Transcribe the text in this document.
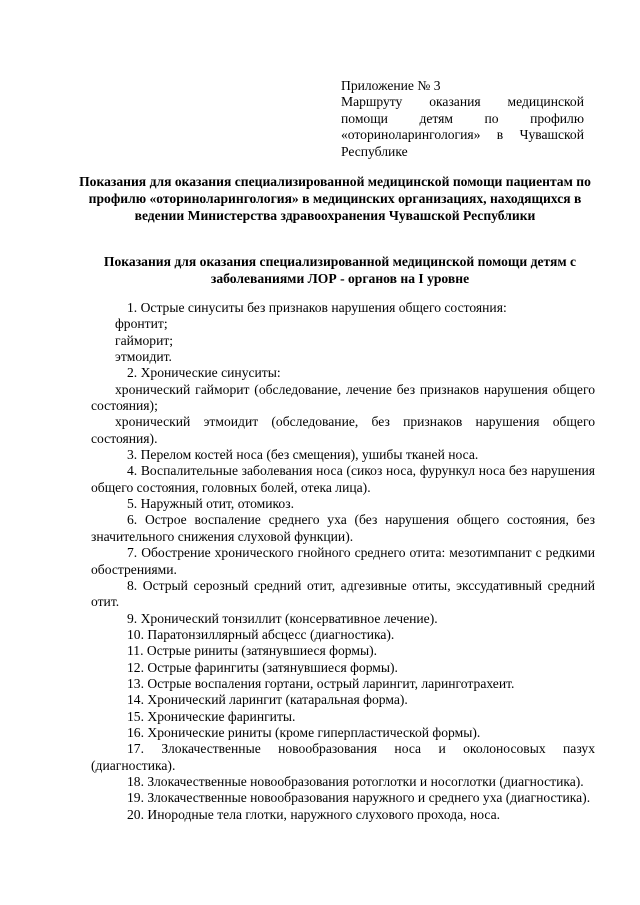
Приложение № 3
Маршруту оказания медицинской помощи детям по профилю «оториноларингология» в Чувашской Республике
Показания для оказания специализированной медицинской помощи пациентам по профилю «оториноларингология» в медицинских организациях, находящихся в ведении Министерства здравоохранения Чувашской Республики
Показания для оказания специализированной медицинской помощи детям с заболеваниями ЛОР - органов на I уровне

1. Острые синуситы без признаков нарушения общего состояния:

фронтит;

гайморит;

этмоидит.

2. Хронические синуситы:

хронический гайморит (обследование, лечение без признаков нарушения общего состояния);

хронический этмоидит (обследование, без признаков нарушения общего состояния).

3. Перелом костей носа (без смещения), ушибы тканей носа.

4. Воспалительные заболевания носа (сикоз носа, фурункул носа без нарушения общего состояния, головных болей, отека лица).

5. Наружный отит, отомикоз.

6. Острое воспаление среднего уха (без нарушения общего состояния, без значительного снижения слуховой функции).

7. Обострение хронического гнойного среднего отита: мезотимпанит с редкими обострениями.

8. Острый серозный средний отит, адгезивные отиты, экссудативный средний отит.

9. Хронический тонзиллит (консервативное лечение).

10. Паратонзиллярный абсцесс (диагностика).

11. Острые риниты (затянувшиеся формы).

12. Острые фарингиты (затянувшиеся формы).

13. Острые воспаления гортани, острый ларингит, ларинготрахеит.

14. Хронический ларингит (катаральная форма).

15. Хронические фарингиты.

16. Хронические риниты (кроме гиперпластической формы).

17. Злокачественные новообразования носа и околоносовых пазух (диагностика).

18. Злокачественные новообразования ротоглотки и носоглотки (диагностика).

19. Злокачественные новообразования наружного и среднего уха (диагностика).

20. Инородные тела глотки, наружного слухового прохода, носа.
